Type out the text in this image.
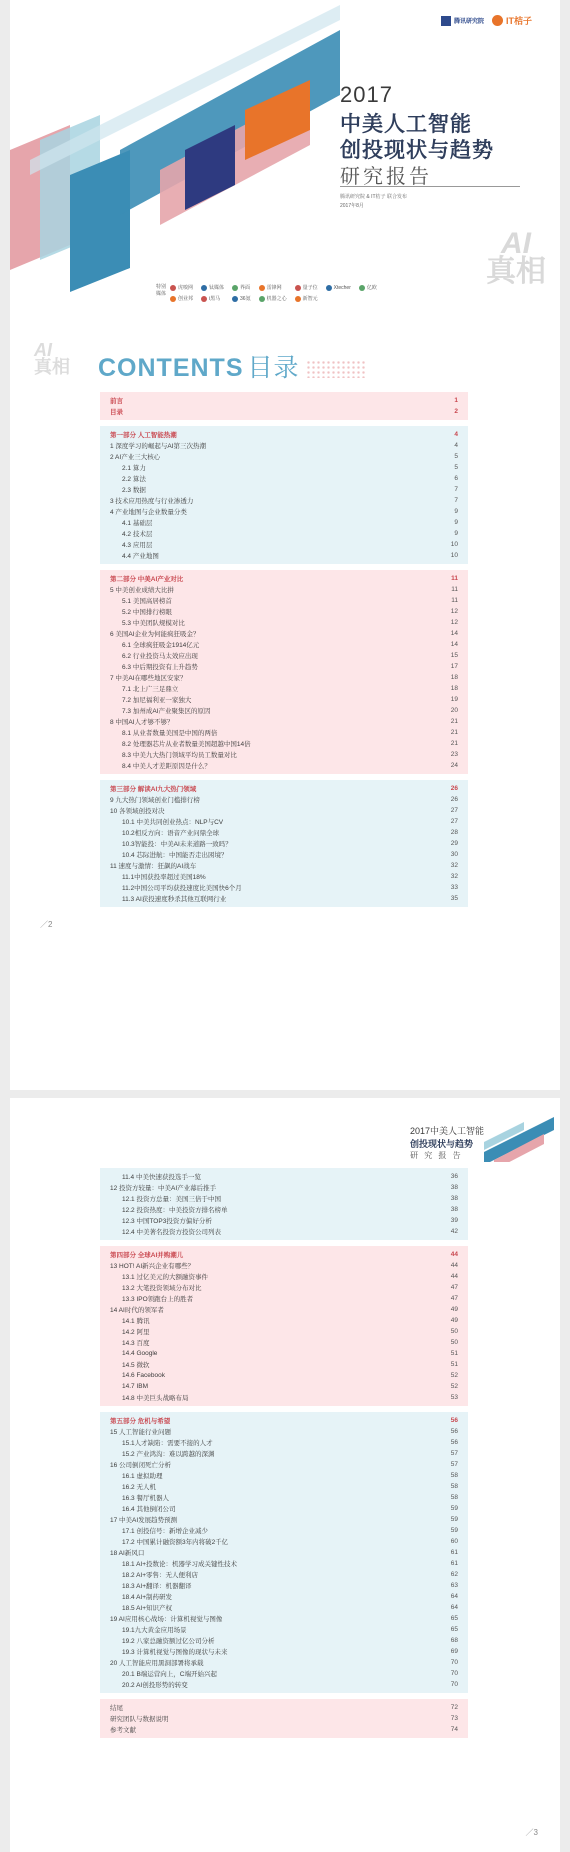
腾讯研究院 IT桔子
2017
中美人工智能
创投现状与趋势
研究报告
腾讯研究院 & IT桔子 联合发布
2017年8月
AI
真相
特别媒体
虎嗅网	钛媒体	界面	雷锋网	量子位	Xtecher	亿欧
创业邦	i黑马	36氪	机器之心	新智元
AI
真相 CONTENTS 目录
前言	1
目录	2
第一部分 人工智能热潮	4
1 深度学习的崛起与AI第三次热潮	4
2 AI产业三大核心	5
2.1 算力	5
2.2 算法	6
2.3 数据	7
3 技术应用热度与行业渗透力	7
4 产业地图与企业数量分类	9
4.1 基础层	9
4.2 技术层	9
4.3 应用层	10
4.4 产业地图	10
第二部分 中美AI产业对比	11
5 中美创业成绩大比拼	11
5.1 美国高居榜首	11
5.2 中国排行榜眼	12
5.3 中美团队规模对比	12
6 美国AI企业为何能疯狂吸金？	14
6.1 全球疯狂吸金1914亿元	14
6.2 行业投资马太效应出现	15
6.3 中后期投资有上升趋势	17
7 中美AI在哪些地区安家？	18
7.1 北上广三足鼎立	18
7.2 加尼福利亚一家独大	19
7.3 加州成AI产业聚集区的原因	20
8 中国AI人才够不够？	21
8.1 从业者数量美国是中国的两倍	21
8.2 处理器芯片从业者数量美国超越中国14倍	21
8.3 中美九大热门领域平均员工数量对比	23
8.4 中美人才差距原因是什么？	24
第三部分 解读AI九大热门领域	26
9 九大热门领域创业门槛排行榜	26
10 各领域创投对决	27
10.1 中美共同创业热点：NLP与CV	27
10.2相反方向：语音产业问鼎全球	28
10.3智能投：中美AI未来道路一致吗？	29
10.4 芯际进航：中国能否走出困境？	30
11 速度与激情：狂飙的AI战车	32
11.1中国获投率超过美国18%	32
11.2中国公司平均获投速度比美国快6个月	33
11.3 AI获投速度秒杀其他互联网行业	35
／2
2017中美人工智能
创投现状与趋势
研 究 报 告
11.4 中美快速获投选手一览	36
12 投资方较量：中美AI产业幕后推手	38
12.1 投资方总量：美国三倍于中国	38
12.2 投资热度：中美投资方排名榜单	38
12.3 中国TOP3投资方偏好分析	39
12.4 中美著名投资方投资公司列表	42
第四部分 全球AI并购潮儿	44
13 HOT! AI新兴企业有哪些？	44
13.1 过亿美元的大额融资事件	44
13.2 大笔投资领域分布对比	47
13.3 IPO领跑台上的胜者	47
14 AI时代的领军者	49
14.1 腾讯	49
14.2 阿里	50
14.3 百度	50
14.4 Google	51
14.5 微软	51
14.6 Facebook	52
14.7 IBM	52
14.8 中美巨头战略布局	53
第五部分 危机与希望	56
15 人工智能行业问题	56
15.1人才缺陷：需要不接的人才	56
15.2 产业鸿沟：难以跨越的深渊	57
16 公司倒闭死亡分析	57
16.1 虚拟助理	58
16.2 无人机	58
16.3 餐厅机器人	58
16.4 其他倒闭公司	59
17 中美AI发展趋势预测	59
17.1 创投信号：新增企业减少	59
17.2 中国累计融资额3年内将破2千亿	60
18 AI新风口	61
18.1 AI+投数论：机器学习成关键性技术	61
18.2 AI+零售：无人便利店	62
18.3 AI+翻译：机器翻译	63
18.4 AI+制药研发	64
18.5 AI+知识产权	64
19 AI应用核心战场：计算机视觉与图像	65
19.1九大黄金应用场景	65
19.2 八家总融资额过亿公司分析	68
19.3 计算机视觉与图像的现状与未来	69
20 人工智能应用黑洞部署将承载	70
20.1 B端运营向上，C端开始兴起	70
20.2 AI创投形势的转变	70
结尾	72
研究团队与数据说明	73
参考文献	74
／3
